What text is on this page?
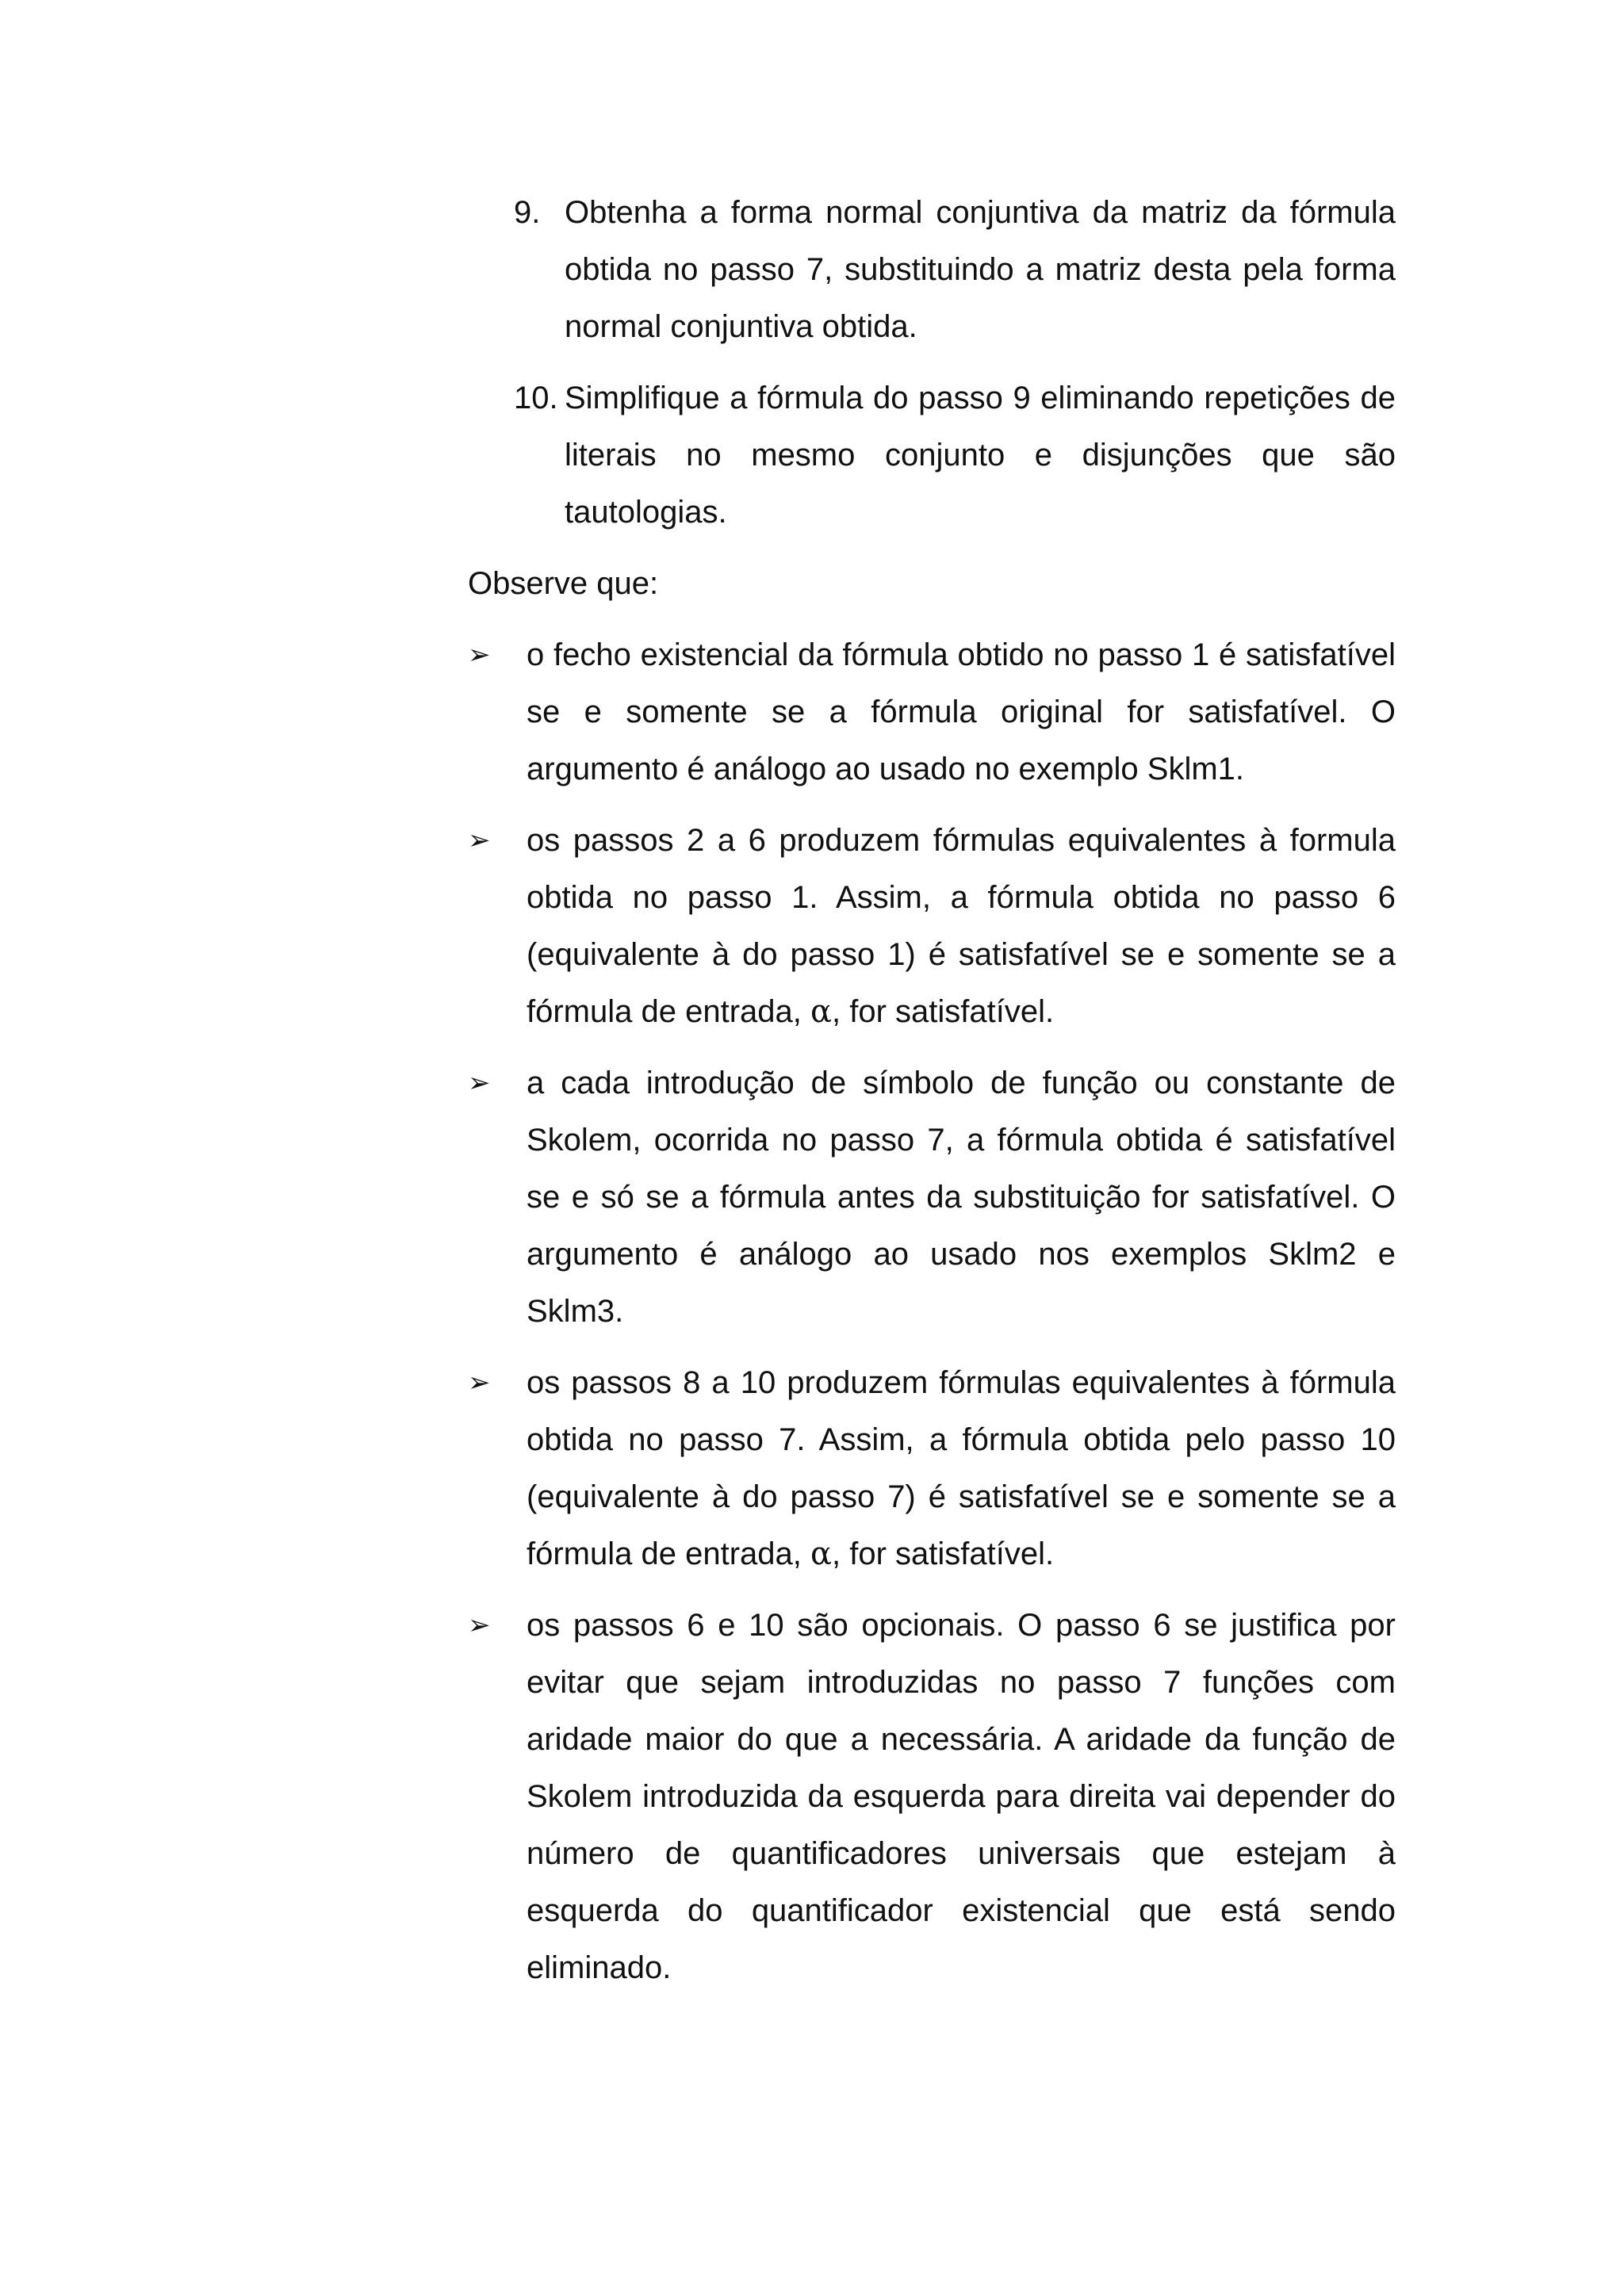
9. Obtenha a forma normal conjuntiva da matriz da fórmula obtida no passo 7, substituindo a matriz desta pela forma normal conjuntiva obtida.
10. Simplifique a fórmula do passo 9 eliminando repetições de literais no mesmo conjunto e disjunções que são tautologias.

Observe que:

➢ o fecho existencial da fórmula obtido no passo 1 é satisfatível se e somente se a fórmula original for satisfatível. O argumento é análogo ao usado no exemplo Sklm1.
➢ os passos 2 a 6 produzem fórmulas equivalentes à formula obtida no passo 1. Assim, a fórmula obtida no passo 6 (equivalente à do passo 1) é satisfatível se e somente se a fórmula de entrada, α, for satisfatível.
➢ a cada introdução de símbolo de função ou constante de Skolem, ocorrida no passo 7, a fórmula obtida é satisfatível se e só se a fórmula antes da substituição for satisfatível. O argumento é análogo ao usado nos exemplos Sklm2 e Sklm3.
➢ os passos 8 a 10 produzem fórmulas equivalentes à fórmula obtida no passo 7. Assim, a fórmula obtida pelo passo 10 (equivalente à do passo 7) é satisfatível se e somente se a fórmula de entrada, α, for satisfatível.
➢ os passos 6 e 10 são opcionais. O passo 6 se justifica por evitar que sejam introduzidas no passo 7 funções com aridade maior do que a necessária. A aridade da função de Skolem introduzida da esquerda para direita vai depender do número de quantificadores universais que estejam à esquerda do quantificador existencial que está sendo eliminado.
